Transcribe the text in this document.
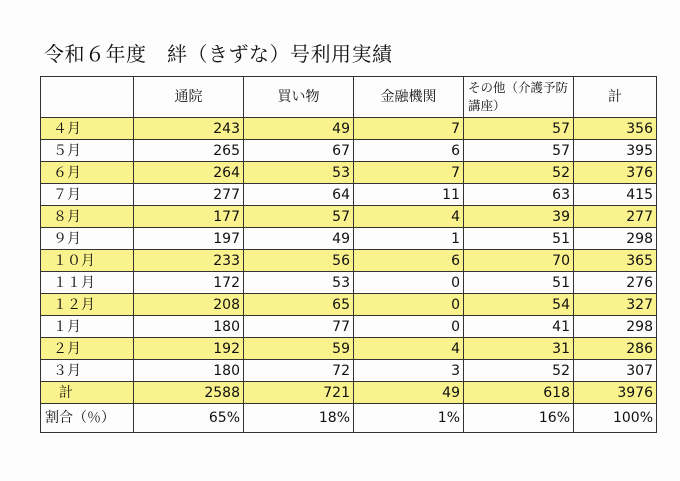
令和６年度　絆（きずな）号利用実績
	通院	買い物	金融機関	その他（介護予防講座）	計
４月	243	49	7	57	356
５月	265	67	6	57	395
６月	264	53	7	52	376
７月	277	64	11	63	415
８月	177	57	4	39	277
９月	197	49	1	51	298
１０月	233	56	6	70	365
１１月	172	53	0	51	276
１２月	208	65	0	54	327
１月	180	77	0	41	298
２月	192	59	4	31	286
３月	180	72	3	52	307
計	2588	721	49	618	3976
割合（％）	65%	18%	1%	16%	100%
